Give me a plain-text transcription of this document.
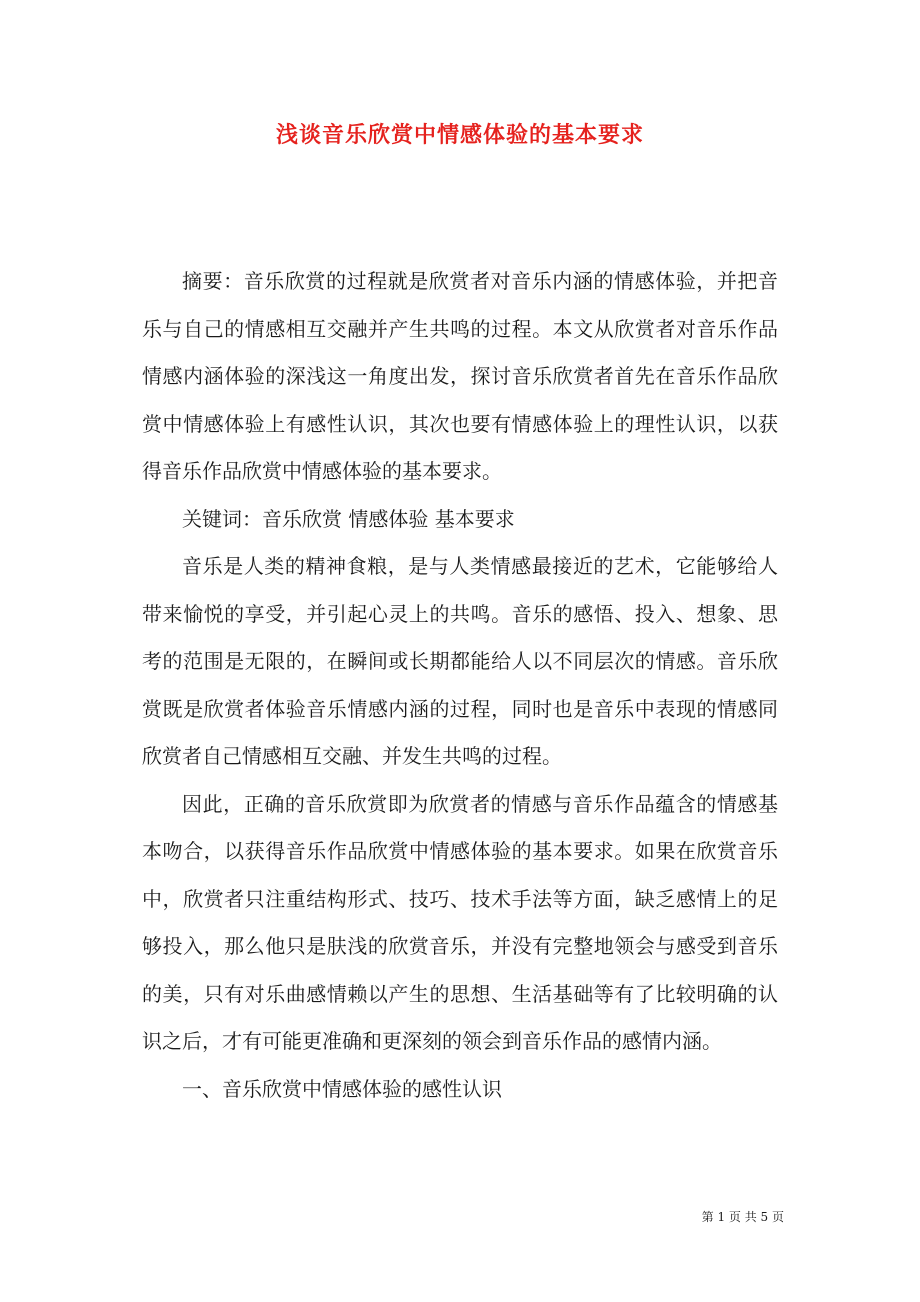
浅谈音乐欣赏中情感体验的基本要求

摘要：音乐欣赏的过程就是欣赏者对音乐内涵的情感体验，并把音乐与自己的情感相互交融并产生共鸣的过程。本文从欣赏者对音乐作品情感内涵体验的深浅这一角度出发，探讨音乐欣赏者首先在音乐作品欣赏中情感体验上有感性认识，其次也要有情感体验上的理性认识，以获得音乐作品欣赏中情感体验的基本要求。

关键词：音乐欣赏 情感体验 基本要求

音乐是人类的精神食粮，是与人类情感最接近的艺术，它能够给人带来愉悦的享受，并引起心灵上的共鸣。音乐的感悟、投入、想象、思考的范围是无限的，在瞬间或长期都能给人以不同层次的情感。音乐欣赏既是欣赏者体验音乐情感内涵的过程，同时也是音乐中表现的情感同欣赏者自己情感相互交融、并发生共鸣的过程。

因此，正确的音乐欣赏即为欣赏者的情感与音乐作品蕴含的情感基本吻合，以获得音乐作品欣赏中情感体验的基本要求。如果在欣赏音乐中，欣赏者只注重结构形式、技巧、技术手法等方面，缺乏感情上的足够投入，那么他只是肤浅的欣赏音乐，并没有完整地领会与感受到音乐的美，只有对乐曲感情赖以产生的思想、生活基础等有了比较明确的认识之后，才有可能更准确和更深刻的领会到音乐作品的感情内涵。

一、音乐欣赏中情感体验的感性认识

第 1 页 共 5 页
